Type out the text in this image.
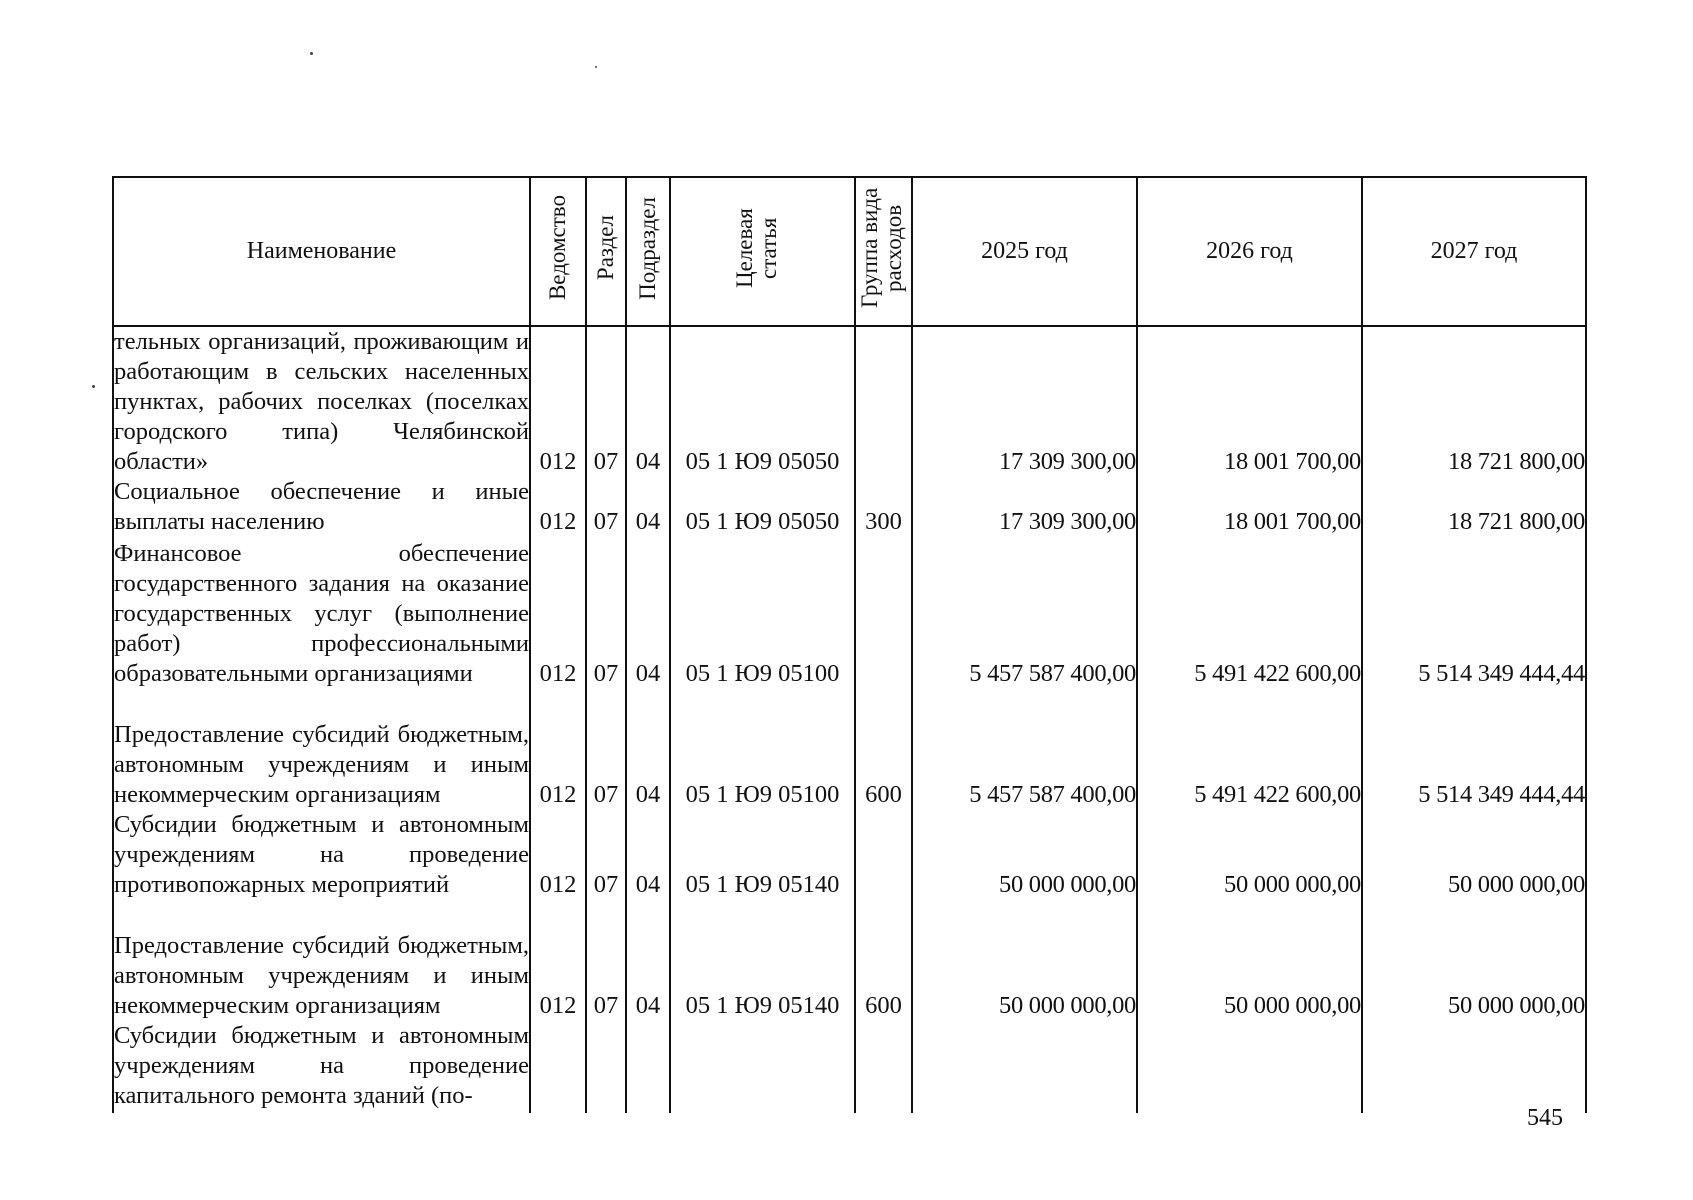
Наименование	Ведомство	Раздел	Подраздел	Целевая статья	Группа вида расходов	2025 год	2026 год	2027 год
тельных организаций, проживающим и работающим в сельских населенных пунктах, рабочих поселках (поселках городского типа) Челябинской области»	012	07	04	05 1 Ю9 05050		17 309 300,00	18 001 700,00	18 721 800,00
Социальное обеспечение и иные выплаты населению	012	07	04	05 1 Ю9 05050	300	17 309 300,00	18 001 700,00	18 721 800,00
Финансовое обеспечение государственного задания на оказание государственных услуг (выполнение работ) профессиональными образовательными организациями	012	07	04	05 1 Ю9 05100		5 457 587 400,00	5 491 422 600,00	5 514 349 444,44
Предоставление субсидий бюджетным, автономным учреждениям и иным некоммерческим организациям	012	07	04	05 1 Ю9 05100	600	5 457 587 400,00	5 491 422 600,00	5 514 349 444,44
Субсидии бюджетным и автономным учреждениям на проведение противопожарных мероприятий	012	07	04	05 1 Ю9 05140		50 000 000,00	50 000 000,00	50 000 000,00
Предоставление субсидий бюджетным, автономным учреждениям и иным некоммерческим организациям	012	07	04	05 1 Ю9 05140	600	50 000 000,00	50 000 000,00	50 000 000,00
Субсидии бюджетным и автономным учреждениям на проведение капитального ремонта зданий (по-								
545
